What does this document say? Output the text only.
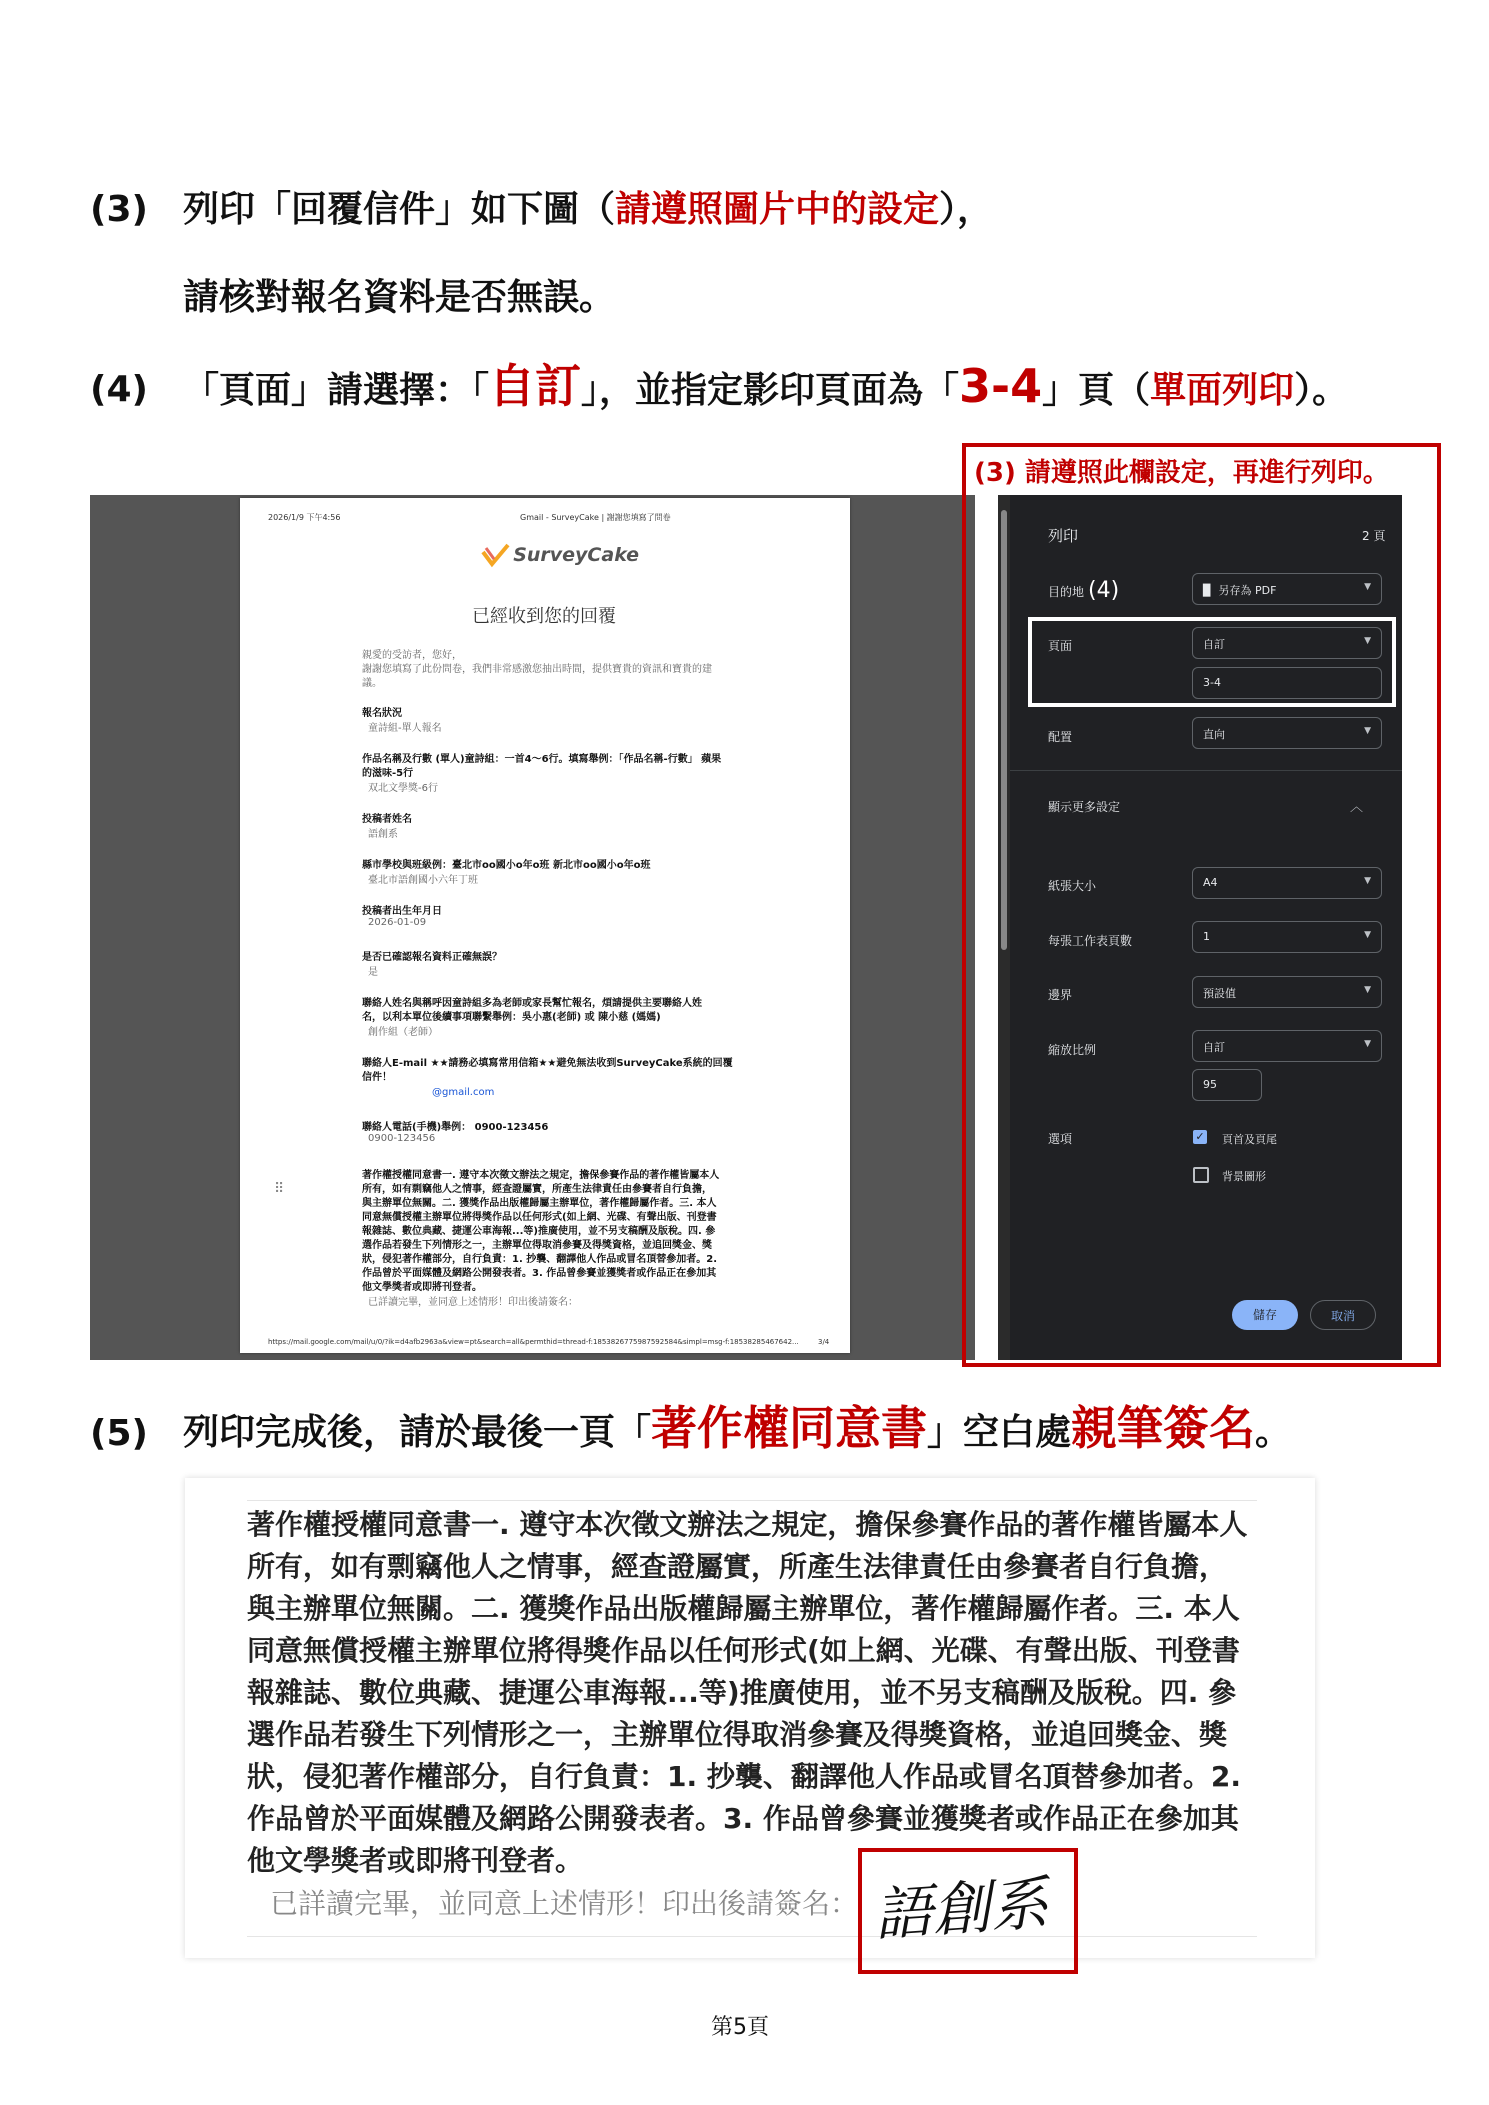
(3) 列印「回覆信件」如下圖（請遵照圖片中的設定），
請核對報名資料是否無誤。
(4) 「頁面」請選擇：「自訂」，並指定影印頁面為「3-4」頁（單面列印）。
2026/1/9 下午4:56	Gmail - SurveyCake | 謝謝您填寫了問卷
SurveyCake
已經收到您的回覆
親愛的受訪者，您好，
謝謝您填寫了此份問卷，我們非常感激您抽出時間，提供寶貴的資訊和寶貴的建
議。
報名狀況
童詩組-單人報名
作品名稱及行數 (單人)童詩組：一首4～6行。填寫舉例：「作品名稱-行數」 蘋果
的滋味-5行
双北文學獎-6行
投稿者姓名
語創系
縣市學校與班級例：臺北市oo國小o年o班 新北市oo國小o年o班
臺北市語創國小六年丁班
投稿者出生年月日
2026-01-09
是否已確認報名資料正確無誤？
是
聯絡人姓名與稱呼因童詩組多為老師或家長幫忙報名，煩請提供主要聯絡人姓
名，以利本單位後續事項聯繫舉例：吳小惠(老師) 或 陳小慈 (媽媽)
創作組（老師）
聯絡人E-mail ★★請務必填寫常用信箱★★避免無法收到SurveyCake系統的回覆
信件！
@gmail.com
聯絡人電話(手機)舉例： 0900-123456
0900-123456
著作權授權同意書一. 遵守本次徵文辦法之規定，擔保參賽作品的著作權皆屬本人
所有，如有剽竊他人之情事，經查證屬實，所產生法律責任由參賽者自行負擔，
與主辦單位無關。二. 獲獎作品出版權歸屬主辦單位，著作權歸屬作者。三. 本人
同意無償授權主辦單位將得獎作品以任何形式(如上網、光碟、有聲出版、刊登書
報雜誌、數位典藏、捷運公車海報...等)推廣使用，並不另支稿酬及版稅。四. 參
選作品若發生下列情形之一，主辦單位得取消參賽及得獎資格，並追回獎金、獎
狀，侵犯著作權部分，自行負責：1. 抄襲、翻譯他人作品或冒名頂替參加者。2.
作品曾於平面媒體及網路公開發表者。3. 作品曾參賽並獲獎者或作品正在參加其
他文學獎者或即將刊登者。
已詳讀完畢，並同意上述情形！印出後請簽名：
⠿
https://mail.google.com/mail/u/0/?ik=d4afb2963a&view=pt&search=all&permthid=thread-f:1853826775987592584&simpl=msg-f:18538285467642...	3/4
列印	2 頁
目的地	▉ 另存為 PDF	▼
頁面	自訂	▼
3-4
配置	直向	▼
顯示更多設定	︿
紙張大小	A4	▼
每張工作表頁數	1	▼
邊界	預設值	▼
縮放比例	自訂	▼
95
選項	✓ 頁首及頁尾
背景圖形
儲存	取消
(3) 請遵照此欄設定，再進行列印。
(4)
(5) 列印完成後，請於最後一頁「著作權同意書」空白處親筆簽名。
著作權授權同意書一. 遵守本次徵文辦法之規定，擔保參賽作品的著作權皆屬本人
所有，如有剽竊他人之情事，經查證屬實，所產生法律責任由參賽者自行負擔，
與主辦單位無關。二. 獲獎作品出版權歸屬主辦單位，著作權歸屬作者。三. 本人
同意無償授權主辦單位將得獎作品以任何形式(如上網、光碟、有聲出版、刊登書
報雜誌、數位典藏、捷運公車海報...等)推廣使用，並不另支稿酬及版稅。四. 參
選作品若發生下列情形之一，主辦單位得取消參賽及得獎資格，並追回獎金、獎
狀，侵犯著作權部分，自行負責：1. 抄襲、翻譯他人作品或冒名頂替參加者。2.
作品曾於平面媒體及網路公開發表者。3. 作品曾參賽並獲獎者或作品正在參加其
他文學獎者或即將刊登者。
已詳讀完畢，並同意上述情形！印出後請簽名： 語創系
第5頁
